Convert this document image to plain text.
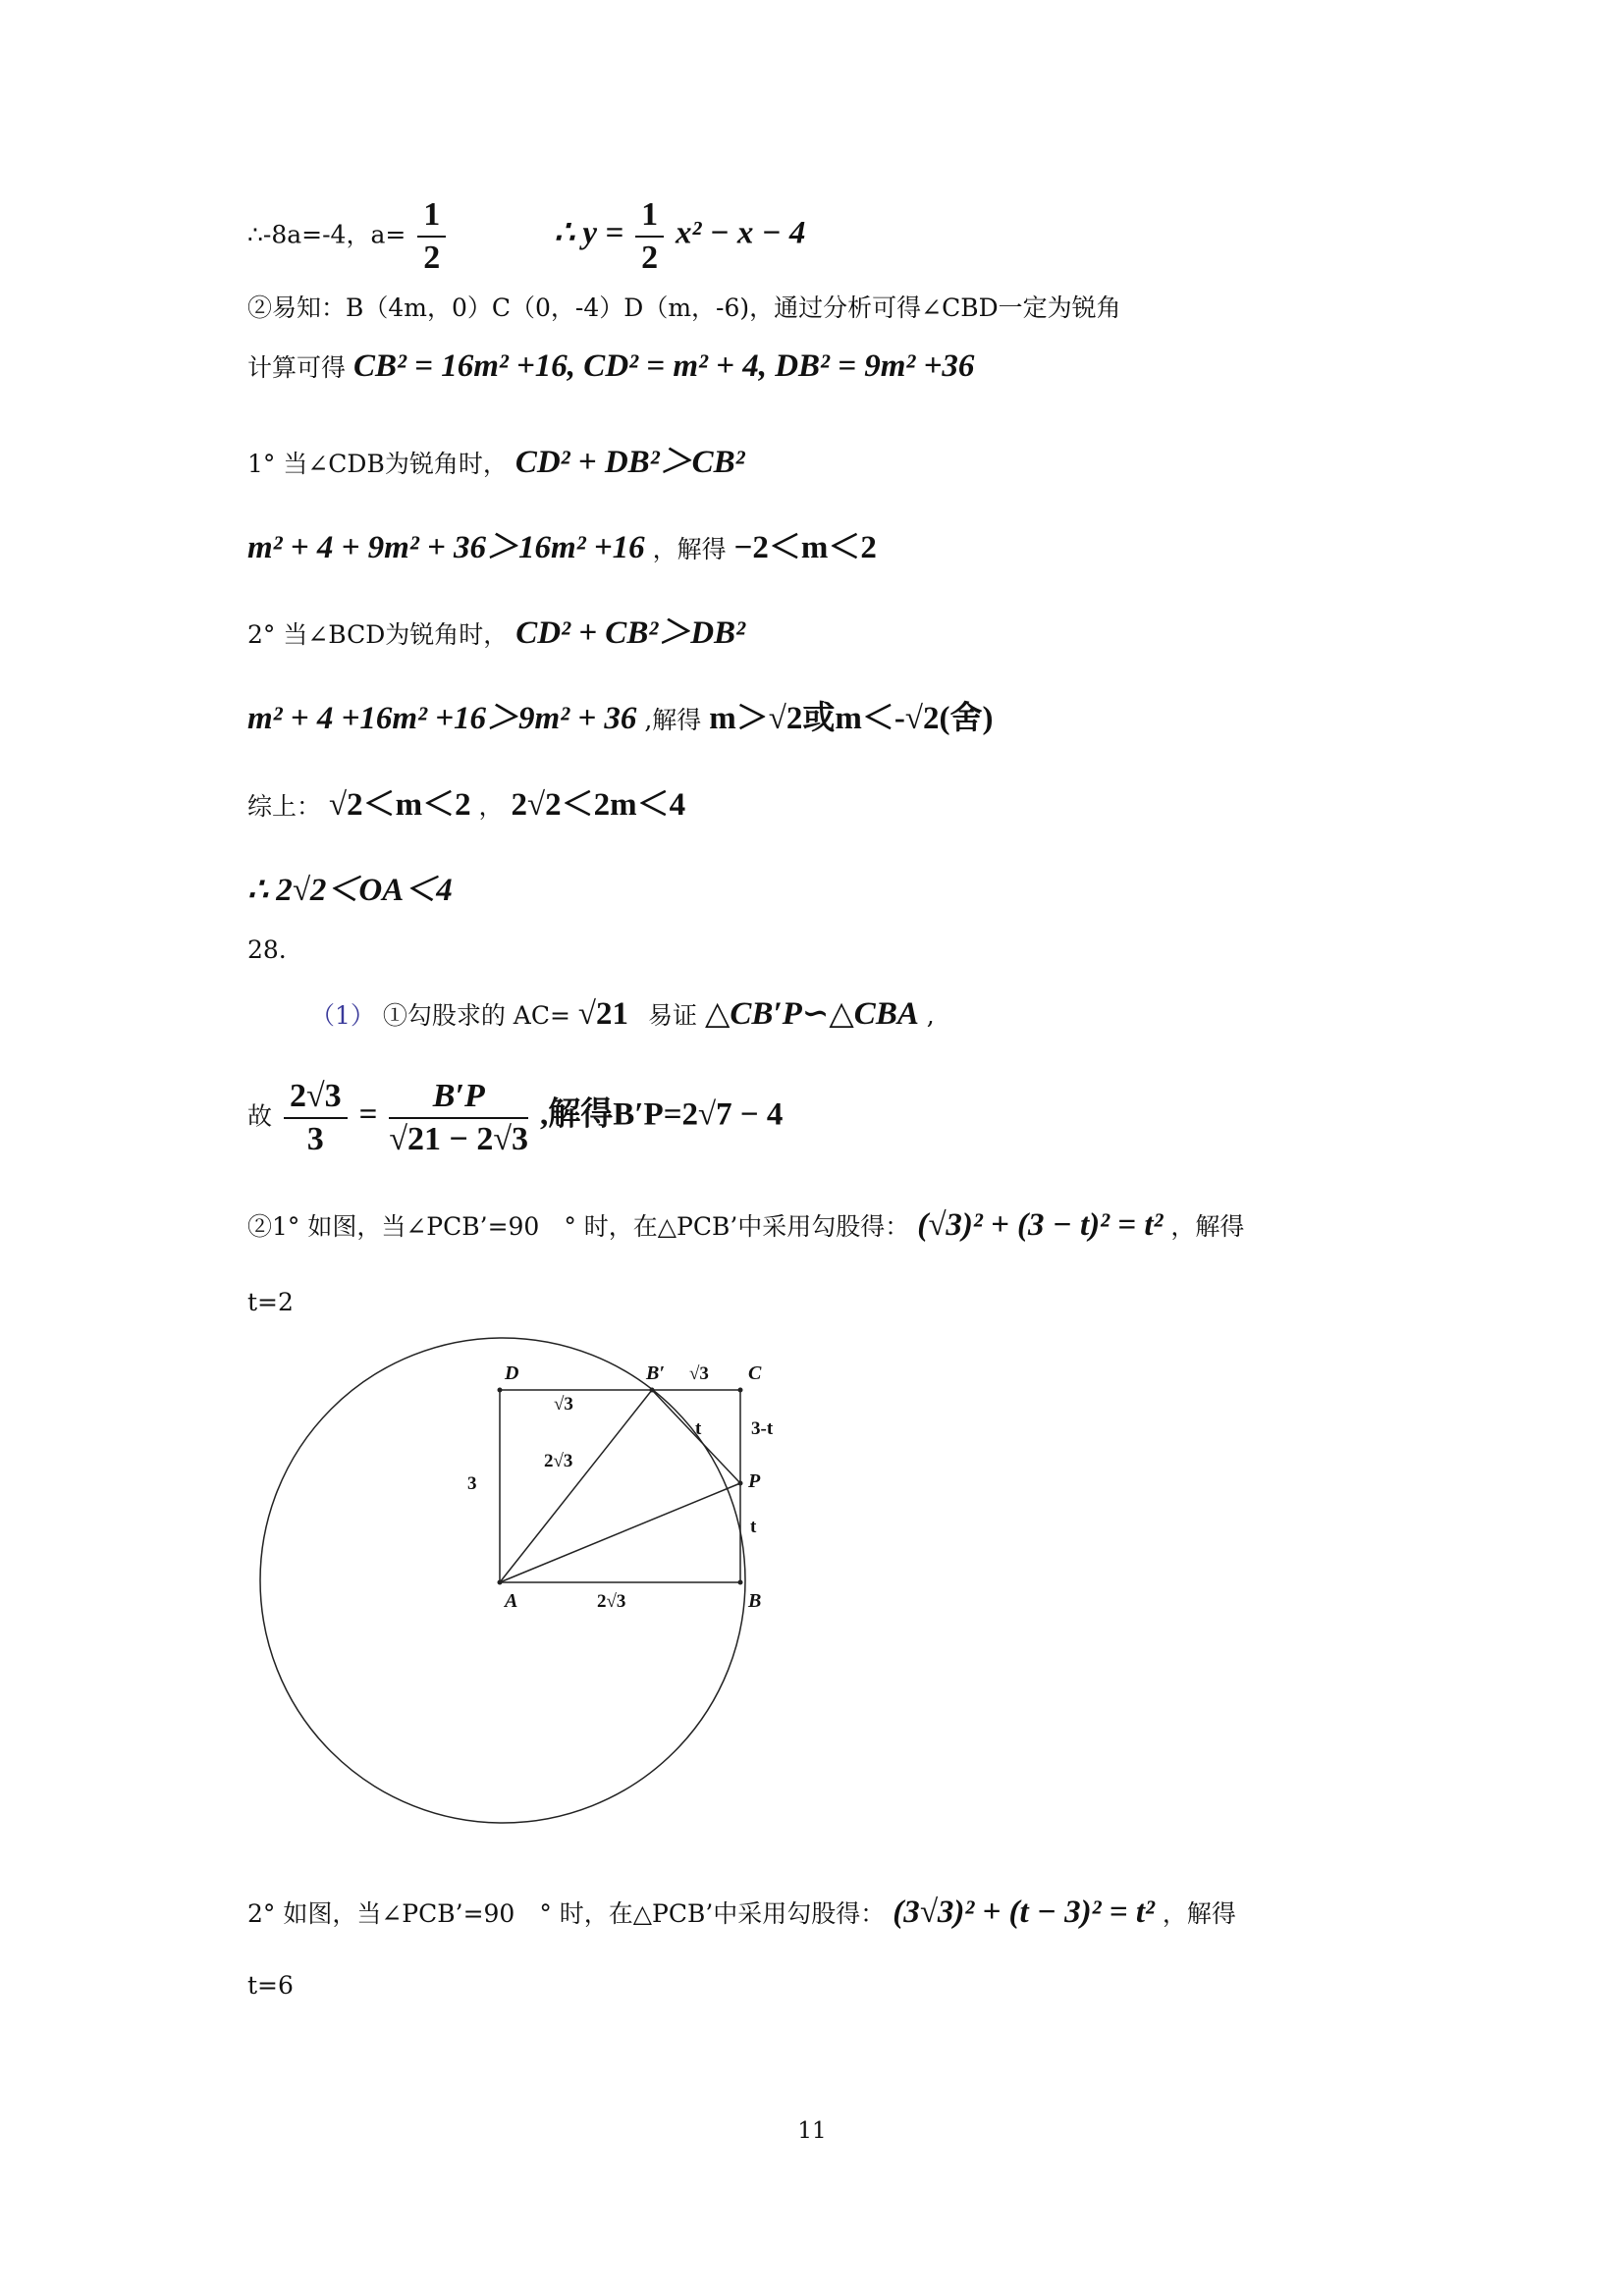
∴-8a=-4，$a= \frac{1}{2}$	∴ $y = \frac{1}{2} x^2 - x - 4$
②易知：B（4m，0）C（0，-4）D（m，-6)，通过分析可得∠CBD一定为锐角
计算可得 CB² = 16m² +16, CD² = m² + 4, DB² = 9m² +36
1° 当∠CDB为锐角时， CD² + DB²＞CB²
m² + 4 + 9m² + 36＞16m² +16 ，解得 −2＜m＜2
2° 当∠BCD为锐角时， CD² + CB²＞DB²
m² + 4 +16m² +16＞9m² + 36 ,解得 m＞√2或m＜-√2(舍)
综上： √2＜m＜2 ， 2√2＜2m＜4
∴ 2√2＜OA＜4
28.
（1） ①勾股求的 AC= √21 易证 △CB′P∽△CBA ,
故 $\frac{2√3}{3} = \frac{B'P}{√21 - 2√3}$ ,解得B′P=2√7 − 4
②1° 如图，当∠PCB’=90　° 时，在△PCB’中采用勾股得： (√3)² + (3 − t)² = t² ，解得
t=2
D	B′	C
P
A	B
√3
√3
3
2√3
2√3
t	3-t
t
2° 如图，当∠PCB’=90　° 时，在△PCB’中采用勾股得： (3√3)² + (t − 3)² = t² ，解得
t=6
11
